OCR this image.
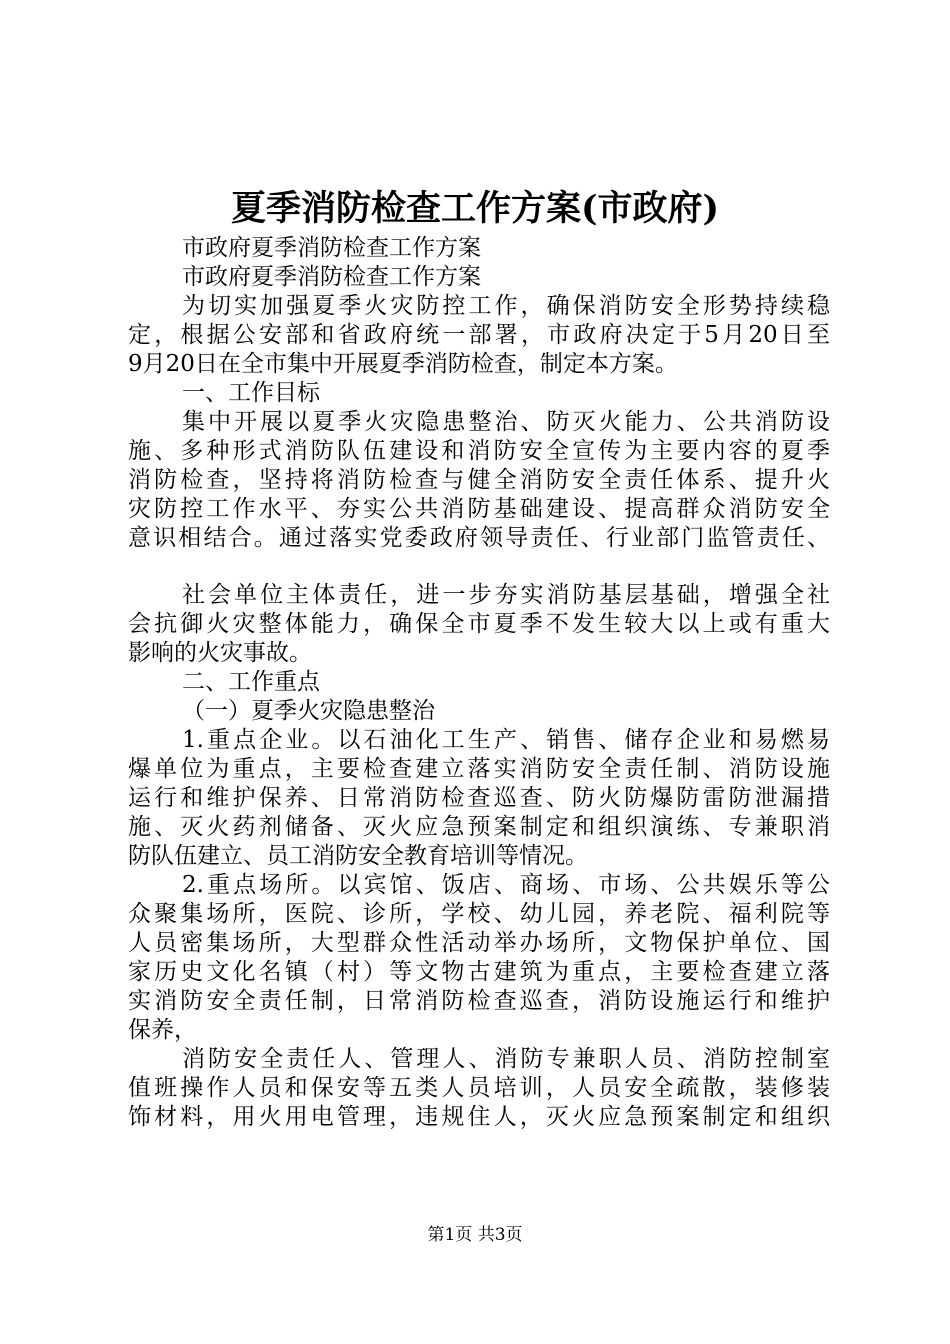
夏季消防检查工作方案(市政府)
市政府夏季消防检查工作方案
市政府夏季消防检查工作方案
为切实加强夏季火灾防控工作，确保消防安全形势持续稳
定，根据公安部和省政府统一部署，市政府决定于5月20日至
9月20日在全市集中开展夏季消防检查，制定本方案。
一、工作目标
集中开展以夏季火灾隐患整治、防灭火能力、公共消防设
施、多种形式消防队伍建设和消防安全宣传为主要内容的夏季
消防检查，坚持将消防检查与健全消防安全责任体系、提升火
灾防控工作水平、夯实公共消防基础建设、提高群众消防安全
意识相结合。通过落实党委政府领导责任、行业部门监管责任、
社会单位主体责任，进一步夯实消防基层基础，增强全社
会抗御火灾整体能力，确保全市夏季不发生较大以上或有重大
影响的火灾事故。
二、工作重点
（一）夏季火灾隐患整治
1.重点企业。以石油化工生产、销售、储存企业和易燃易
爆单位为重点，主要检查建立落实消防安全责任制、消防设施
运行和维护保养、日常消防检查巡查、防火防爆防雷防泄漏措
施、灭火药剂储备、灭火应急预案制定和组织演练、专兼职消
防队伍建立、员工消防安全教育培训等情况。
2.重点场所。以宾馆、饭店、商场、市场、公共娱乐等公
众聚集场所，医院、诊所，学校、幼儿园，养老院、福利院等
人员密集场所，大型群众性活动举办场所，文物保护单位、国
家历史文化名镇（村）等文物古建筑为重点，主要检查建立落
实消防安全责任制，日常消防检查巡查，消防设施运行和维护
保养，
消防安全责任人、管理人、消防专兼职人员、消防控制室
值班操作人员和保安等五类人员培训，人员安全疏散，装修装
饰材料，用火用电管理，违规住人，灭火应急预案制定和组织
第1页 共3页
